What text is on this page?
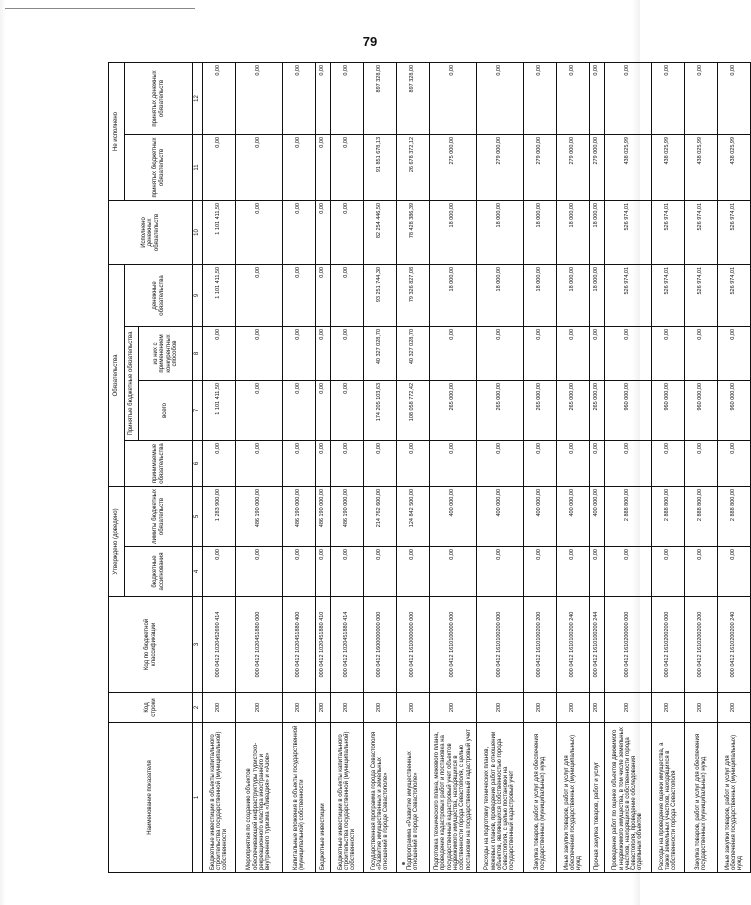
79
Наименование показателя	Код строки	Код по бюджетной классификации	Утверждено (доведено)		Обязательства				Исполнено денежных обязательств	Не исполнено	
			бюджетные ассигнования	лимиты бюджетных обязательств	принимаемые обязательства	Принятые бюджетные обязательства		денежные обязательства		принятых бюджетных обязательств	принятых денежных обязательств
						всего	из них с применением конкурентных способов				
1	2	3	4	5	6	7	8	9	10	11	12
Бюджетные инвестиции в объекты капитального строительства государственной (муниципальной) собственности	200	000 0412 1020452690 414	0,00	1 283 900,00	0,00	1 101 411,50	0,00	1 101 411,50	1 101 411,50	0,00	0,00
Мероприятия по созданию объектов обеспечивающей инфраструктуры туристско-рекреационного кластера иностранного и внутреннего туризма «Ливадия» и «Азов»	200	000 0412 1020451880 000	0,00	486 190 000,00	0,00	0,00	0,00	0,00	0,00	0,00	0,00
Капитальные вложения в объекты государственной (муниципальной) собственности	200	000 0412 1020451880 400	0,00	486 190 000,00	0,00	0,00	0,00	0,00	0,00	0,00	0,00
Бюджетные инвестиции	200	000 0412 1020451880 410	0,00	486 190 000,00	0,00	0,00	0,00	0,00	0,00	0,00	0,00
Бюджетные инвестиции в объекты капитального строительства государственной (муниципальной) собственности	200	000 0412 1020451880 414	0,00	486 190 000,00	0,00	0,00	0,00	0,00	0,00	0,00	0,00
Государственная программа города Севастополя «Развитие имущественных и земельных отношений в городе Севастополе»	200	000 0412 1600000000 000	0,00	214 762 600,00	0,00	174 205 103,63	40 327 028,70	93 251 744,30	82 254 446,50	91 851 678,13	897 328,00
Подпрограмма «Развитие имущественных отношений в городе Севастополе»	200	000 0412 1610000000 000	0,00	124 842 500,00	0,00	108 058 772,42	40 327 028,70	79 326 827,08	78 428 386,39	26 678 372,12	897 328,00
Подготовка технического плана, межевого плана, проведение кадастровых работ и постановка на государственный кадастровый учет объектов недвижимого имущества, находящихся в собственности города Севастополя, с целью постановки на государственный кадастровый учет	200	000 0412 1610100000 000	0,00	400 000,00	0,00	265 000,00	0,00	18 000,00	18 000,00	275 000,00	0,00
Расходы на подготовку технических планов, межевых планов, проведение работ в отношении объектов, являющихся собственностью города Севастополя, с целью постановки на государственный кадастровый учет	200	000 0412 1610100200 000	0,00	400 000,00	0,00	265 000,00	0,00	18 000,00	18 000,00	279 000,00	0,00
Закупка товаров, работ и услуг для обеспечения государственных (муниципальных) нужд	200	000 0412 1610100200 200	0,00	400 000,00	0,00	265 000,00	0,00	18 000,00	18 000,00	279 000,00	0,00
Иные закупки товаров, работ и услуг для обеспечения государственных (муниципальных) нужд	200	000 0412 1610100200 240	0,00	400 000,00	0,00	265 000,00	0,00	18 000,00	18 000,00	279 000,00	0,00
Прочая закупка товаров, работ и услуг	200	000 0412 1610100200 244	0,00	400 000,00	0,00	265 000,00	0,00	18 000,00	18 000,00	279 000,00	0,00
Проведение работ по оценке объектов движимого и недвижимого имущества, в том числе земельных участков, находящихся в собственности города Севастополя, проведение обследования отдельных объектов	200	000 0412 1610200000 000	0,00	2 888 800,00	0,00	960 000,00	0,00	526 974,01	526 974,01	438 025,99	0,00
Расходы на проведение оценки имущества, а также земельных участков, находящихся в собственности города Севастополя	200	000 0412 1610200200 000	0,00	2 888 800,00	0,00	960 000,00	0,00	526 974,01	526 974,01	438 025,99	0,00
Закупка товаров, работ и услуг для обеспечения государственных (муниципальных) нужд	200	000 0412 1610200200 200	0,00	2 888 800,00	0,00	960 000,00	0,00	526 974,01	526 974,01	438 025,99	0,00
Иные закупки товаров, работ и услуг для обеспечения государственных (муниципальных) нужд	200	000 0412 1610200200 240	0,00	2 888 800,00	0,00	960 000,00	0,00	526 974,01	526 974,01	438 025,99	0,00
